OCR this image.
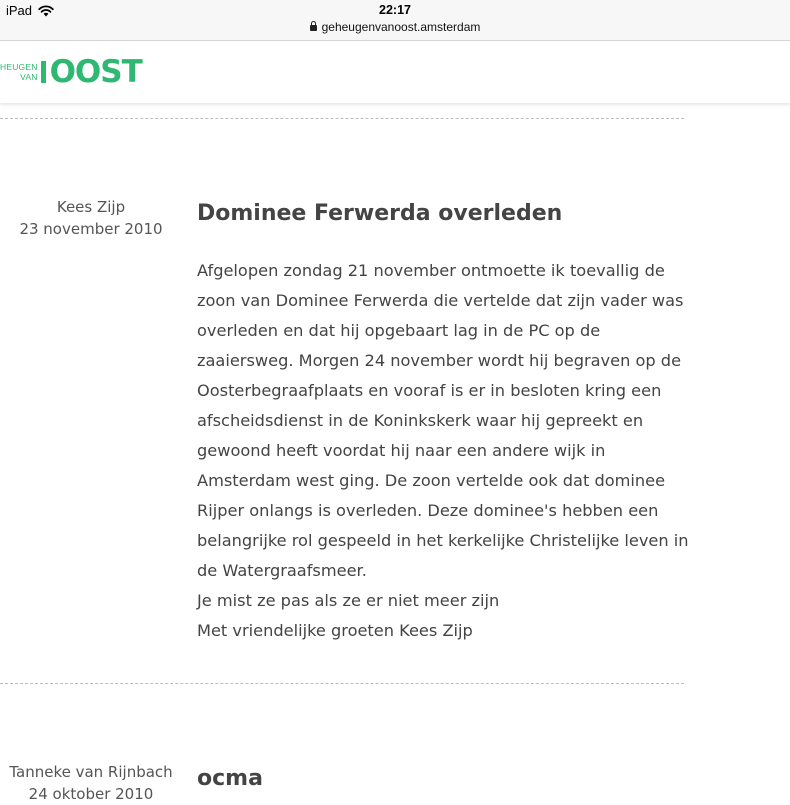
iPad	22:17
geheugenvanoost.amsterdam
HEUGEN
VAN OOST
Kees Zijp
23 november 2010
Dominee Ferwerda overleden

Afgelopen zondag 21 november ontmoette ik toevallig de

zoon van Dominee Ferwerda die vertelde dat zijn vader was

overleden en dat hij opgebaart lag in de PC op de

zaaiersweg. Morgen 24 november wordt hij begraven op de

Oosterbegraafplaats en vooraf is er in besloten kring een

afscheidsdienst in de Koninkskerk waar hij gepreekt en

gewoond heeft voordat hij naar een andere wijk in

Amsterdam west ging. De zoon vertelde ook dat dominee

Rijper onlangs is overleden. Deze dominee's hebben een

belangrijke rol gespeeld in het kerkelijke Christelijke leven in

de Watergraafsmeer.

Je mist ze pas als ze er niet meer zijn

Met vriendelijke groeten Kees Zijp

Tanneke van Rijnbach
24 oktober 2010
ocma
